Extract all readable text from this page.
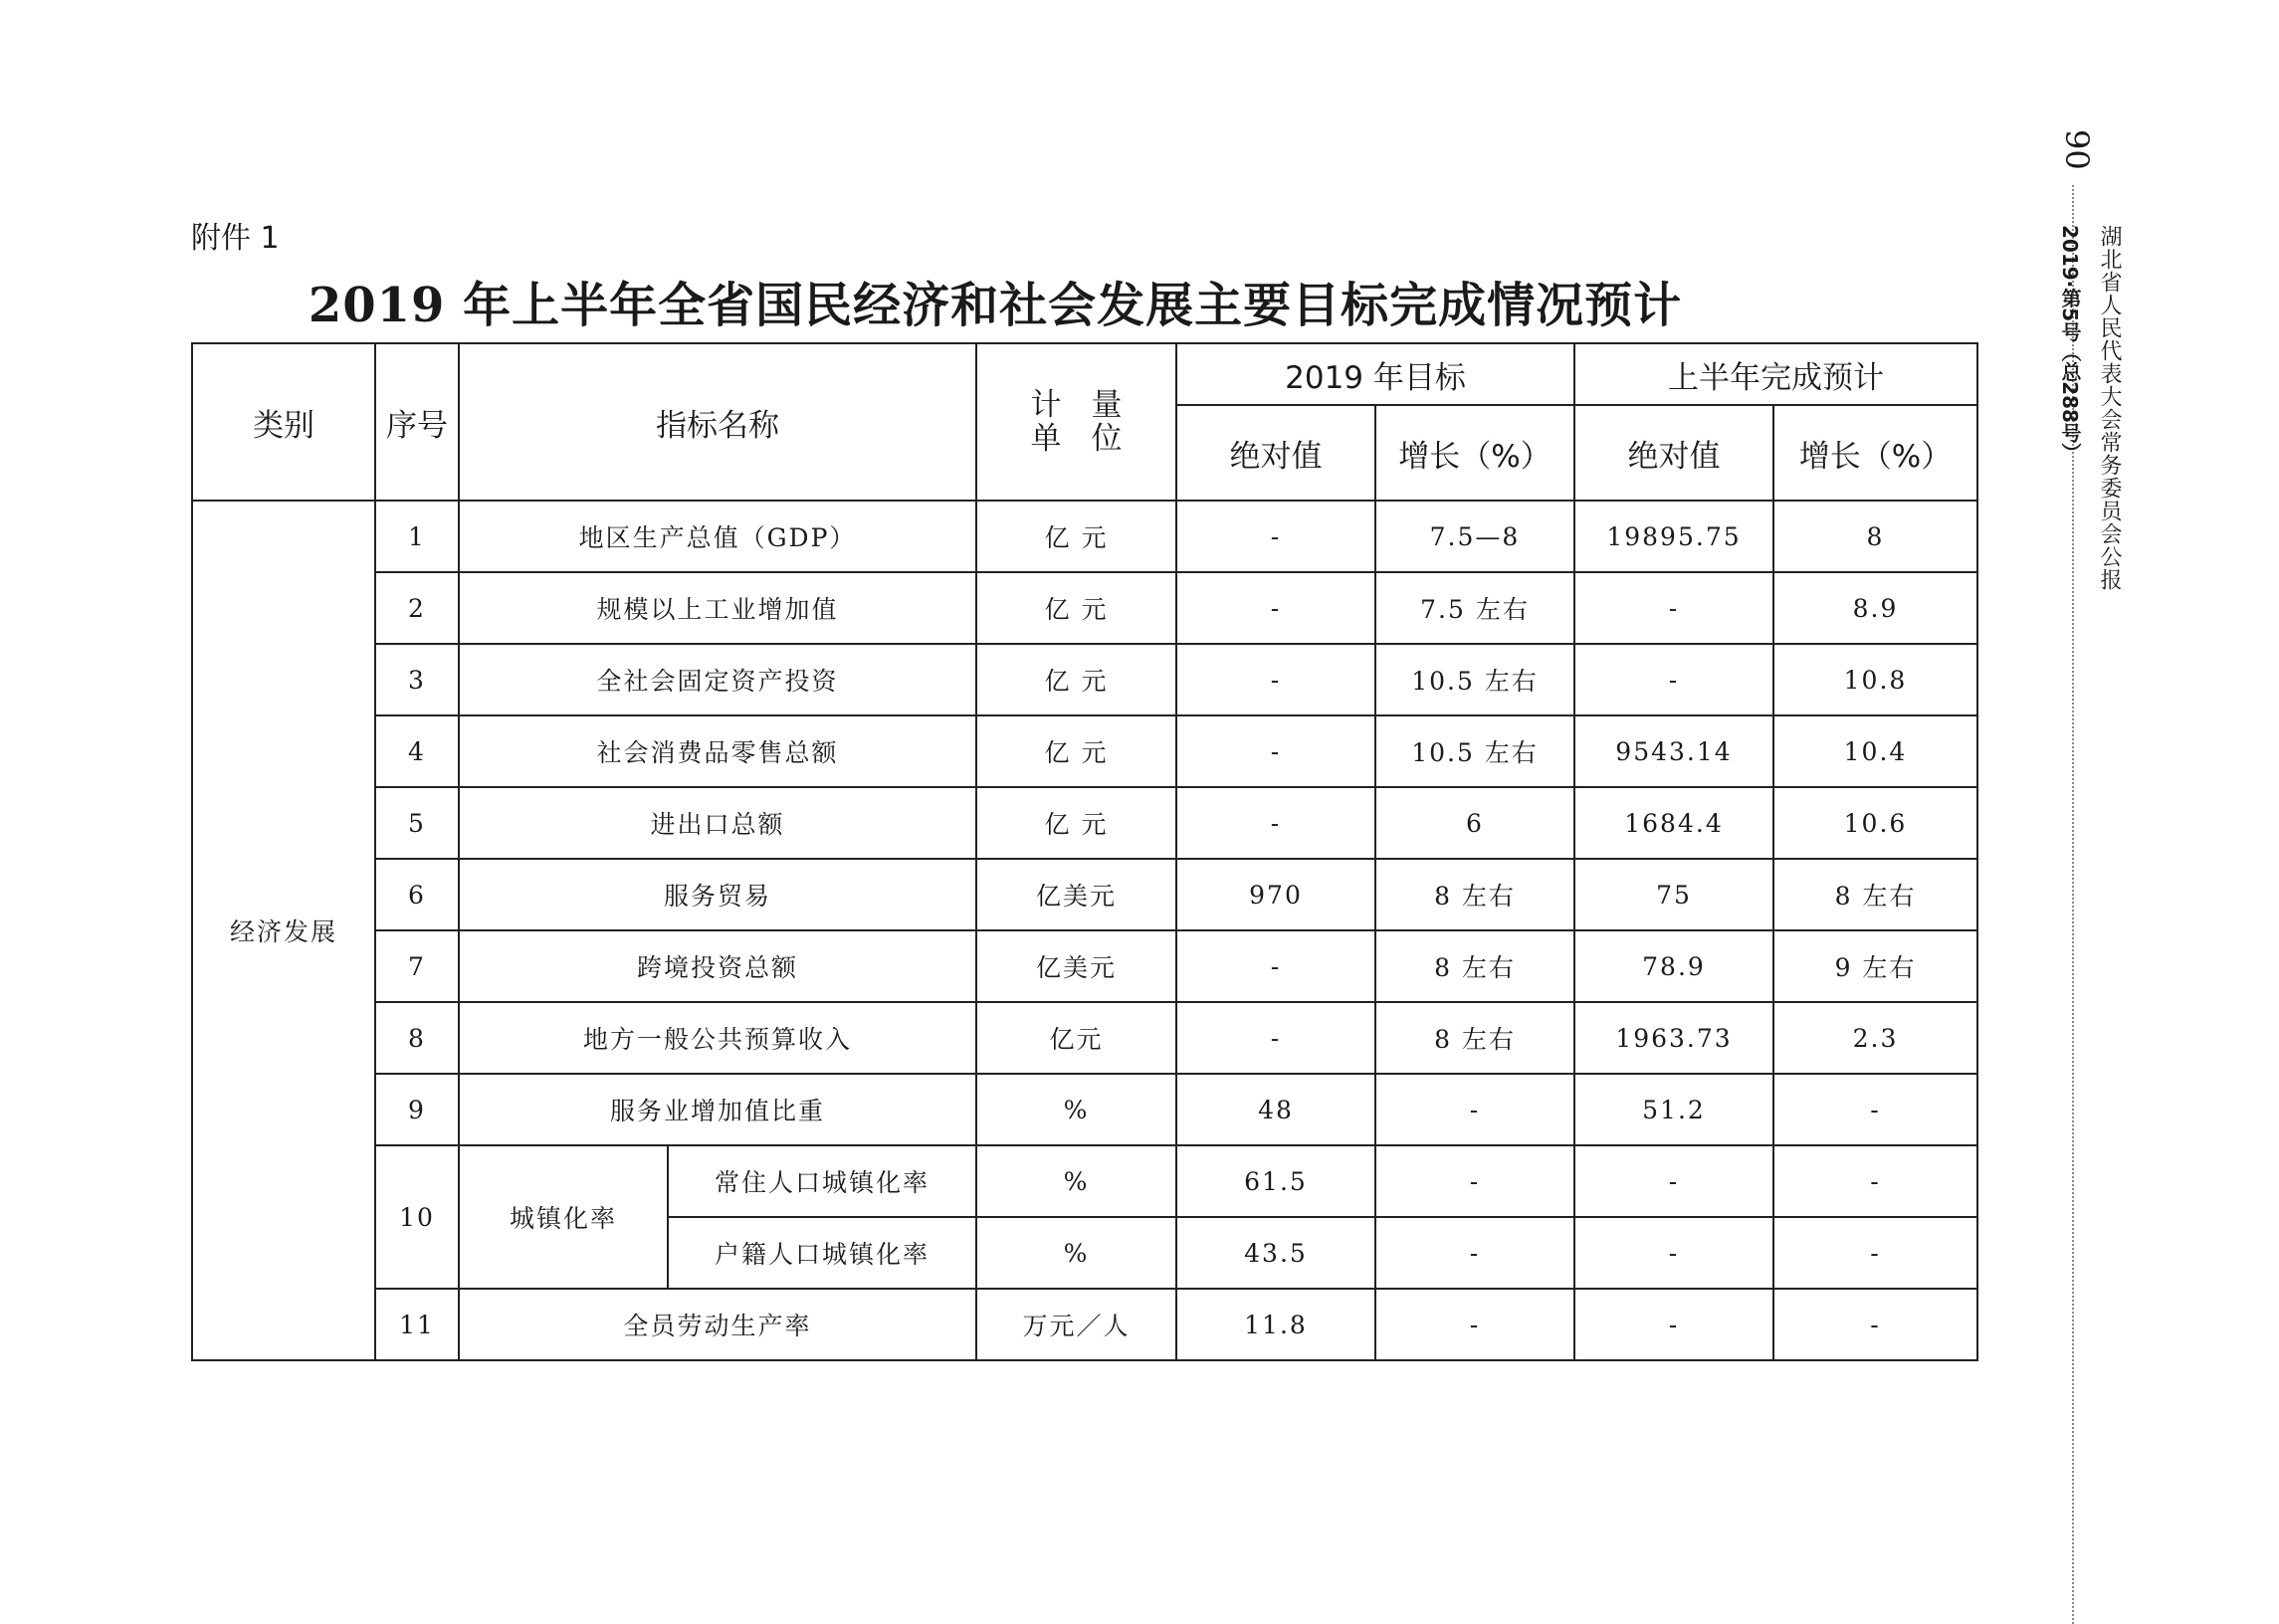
附件 1
2019 年上半年全省国民经济和社会发展主要目标完成情况预计
类别	序号	指标名称		计量
单位	2019 年目标		上半年完成预计	
					绝对值	增长（%）	绝对值	增长（%）
经济发展	1	地区生产总值（GDP）		亿 元	-	7.5—8	19895.75	8
	2	规模以上工业增加值		亿 元	-	7.5 左右	-	8.9
	3	全社会固定资产投资		亿 元	-	10.5 左右	-	10.8
	4	社会消费品零售总额		亿 元	-	10.5 左右	9543.14	10.4
	5	进出口总额		亿 元	-	6	1684.4	10.6
	6	服务贸易		亿美元	970	8 左右	75	8 左右
	7	跨境投资总额		亿美元	-	8 左右	78.9	9 左右
	8	地方一般公共预算收入		亿元	-	8 左右	1963.73	2.3
	9	服务业增加值比重		%	48	-	51.2	-
	10	城镇化率	常住人口城镇化率	%	61.5	-	-	-
			户籍人口城镇化率	%	43.5	-	-	-
	11	全员劳动生产率		万元／人	11.8	-	-	-
90
湖北省人民代表大会常务委员会公报
2019·第5号（总288号）
